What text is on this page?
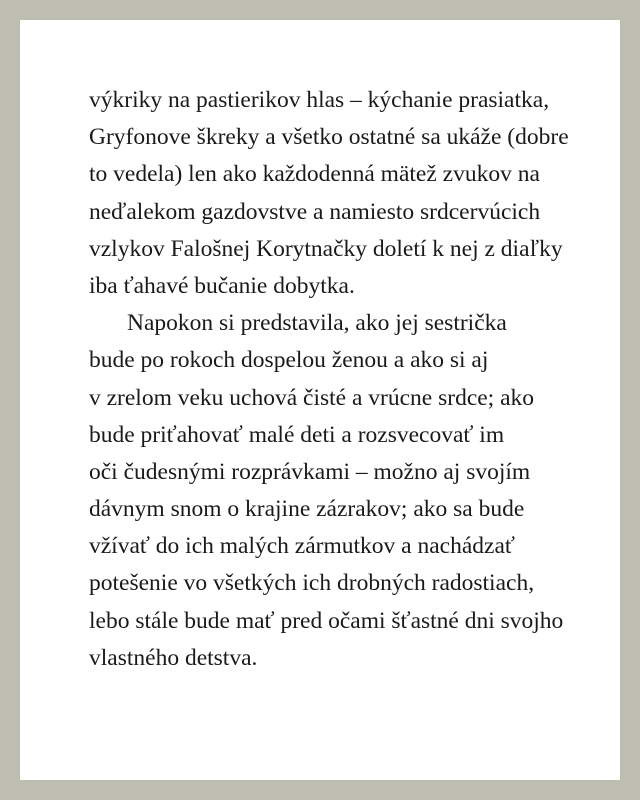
výkriky na pastierikov hlas – kýchanie prasiatka,
Gryfonove škreky a všetko ostatné sa ukáže (dobre
to vedela) len ako každodenná mätež zvukov na
neďalekom gazdovstve a namiesto srdcervúcich
vzlykov Falošnej Korytnačky doletí k nej z diaľky
iba ťahavé bučanie dobytka.
Napokon si predstavila, ako jej sestrička
bude po rokoch dospelou ženou a ako si aj
v zrelom veku uchová čisté a vrúcne srdce; ako
bude priťahovať malé deti a rozsvecovať im
oči čudesnými rozprávkami – možno aj svojím
dávnym snom o krajine zázrakov; ako sa bude
vžívať do ich malých zármutkov a nachádzať
potešenie vo všetkých ich drobných radostiach,
lebo stále bude mať pred očami šťastné dni svojho
vlastného detstva.
